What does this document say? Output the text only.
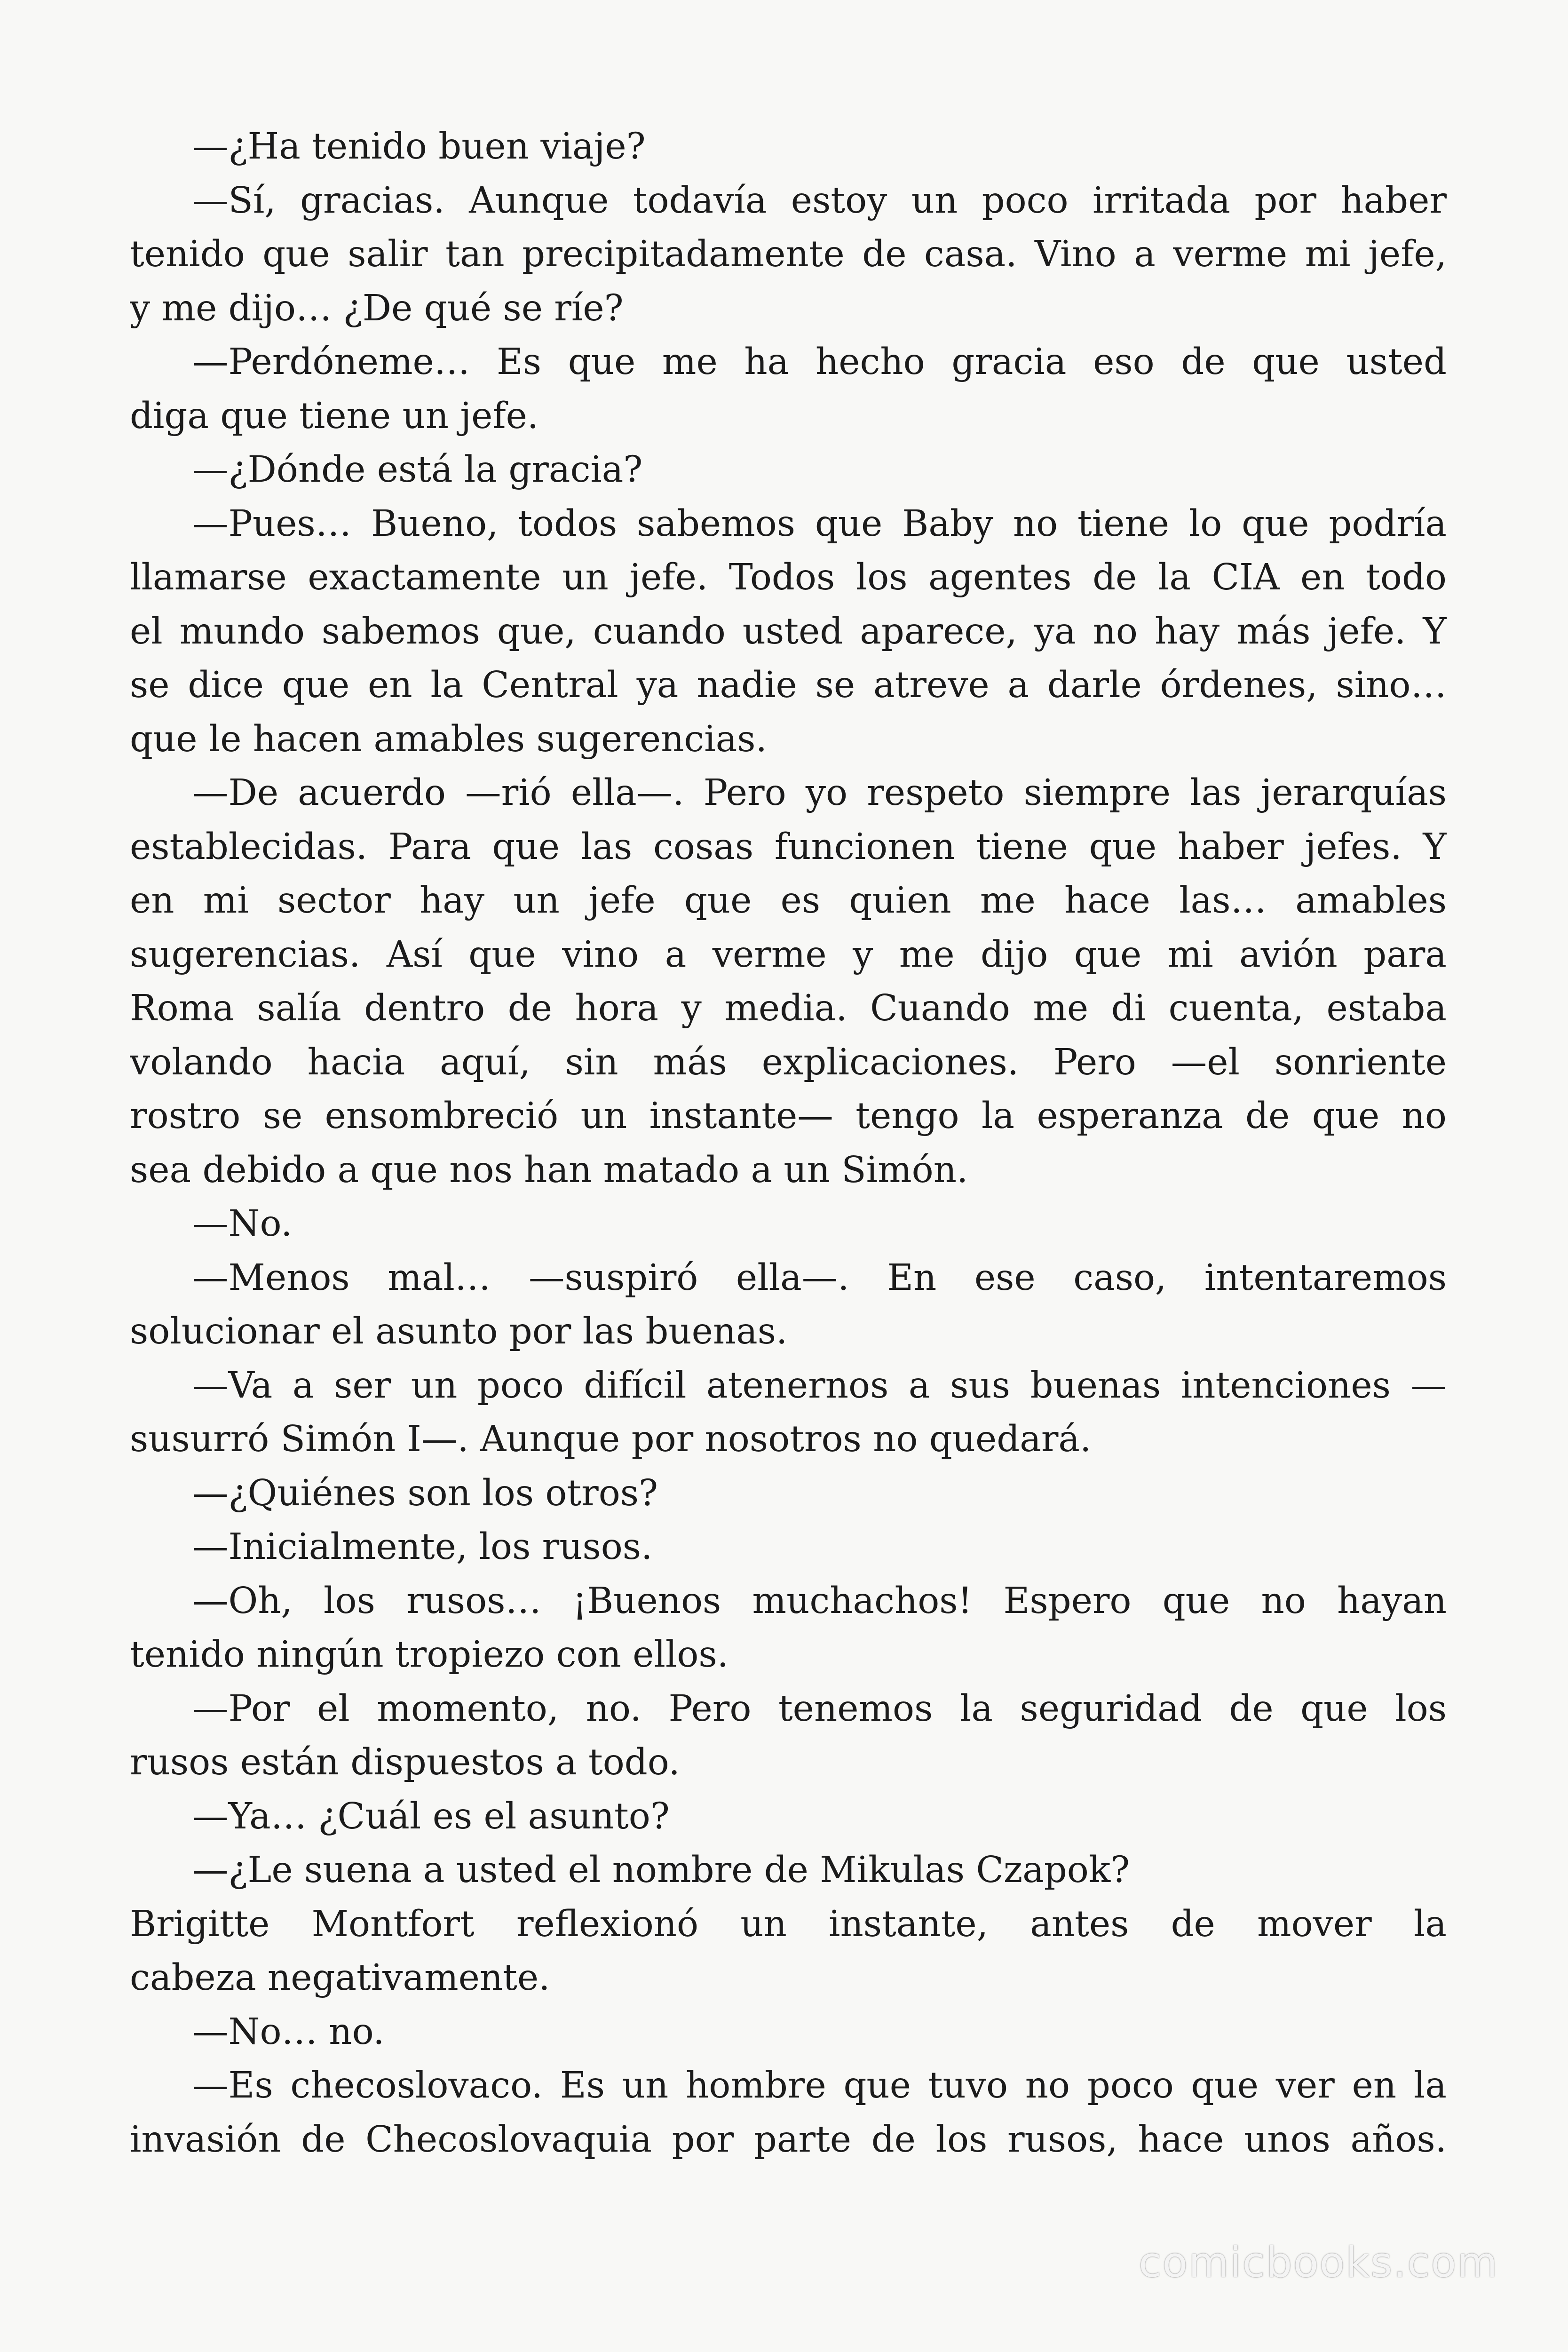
—¿Ha tenido buen viaje?
—Sí, gracias. Aunque todavía estoy un poco irritada por haber
tenido que salir tan precipitadamente de casa. Vino a verme mi jefe,
y me dijo… ¿De qué se ríe?
—Perdóneme… Es que me ha hecho gracia eso de que usted
diga que tiene un jefe.
—¿Dónde está la gracia?
—Pues… Bueno, todos sabemos que Baby no tiene lo que podría
llamarse exactamente un jefe. Todos los agentes de la CIA en todo
el mundo sabemos que, cuando usted aparece, ya no hay más jefe. Y
se dice que en la Central ya nadie se atreve a darle órdenes, sino…
que le hacen amables sugerencias.
—De acuerdo —rió ella—. Pero yo respeto siempre las jerarquías
establecidas. Para que las cosas funcionen tiene que haber jefes. Y
en mi sector hay un jefe que es quien me hace las… amables
sugerencias. Así que vino a verme y me dijo que mi avión para
Roma salía dentro de hora y media. Cuando me di cuenta, estaba
volando hacia aquí, sin más explicaciones. Pero —el sonriente
rostro se ensombreció un instante— tengo la esperanza de que no
sea debido a que nos han matado a un Simón.
—No.
—Menos mal… —suspiró ella—. En ese caso, intentaremos
solucionar el asunto por las buenas.
—Va a ser un poco difícil atenernos a sus buenas intenciones —
susurró Simón I—. Aunque por nosotros no quedará.
—¿Quiénes son los otros?
—Inicialmente, los rusos.
—Oh, los rusos… ¡Buenos muchachos! Espero que no hayan
tenido ningún tropiezo con ellos.
—Por el momento, no. Pero tenemos la seguridad de que los
rusos están dispuestos a todo.
—Ya… ¿Cuál es el asunto?
—¿Le suena a usted el nombre de Mikulas Czapok?
Brigitte Montfort reflexionó un instante, antes de mover la
cabeza negativamente.
—No… no.
—Es checoslovaco. Es un hombre que tuvo no poco que ver en la
invasión de Checoslovaquia por parte de los rusos, hace unos años.
comicbooks.com
